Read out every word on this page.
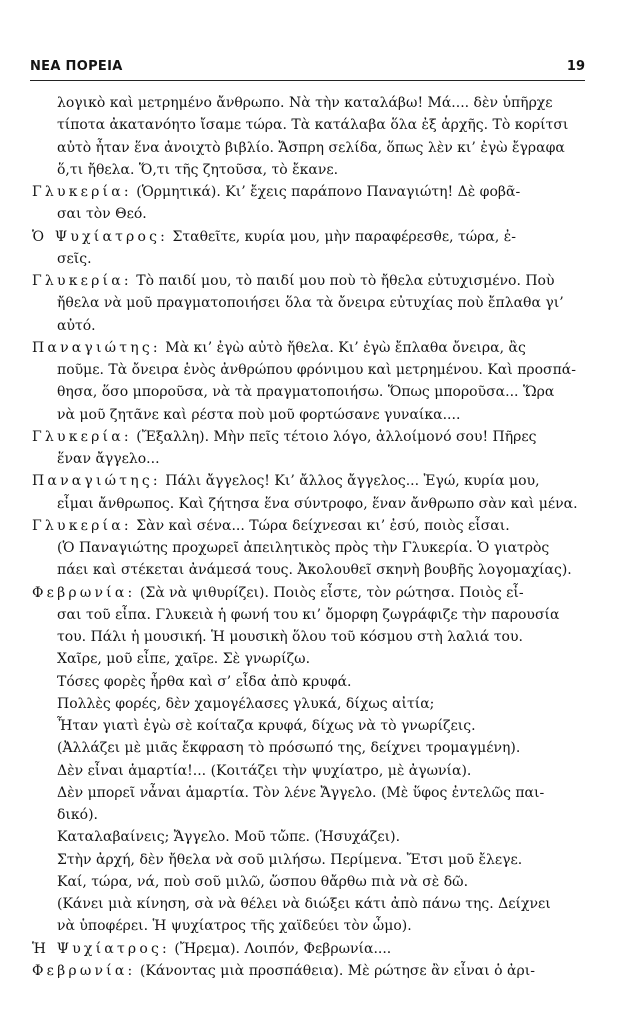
ΝΕΑ ΠΟΡΕΙΑ	19
λογικὸ καὶ μετρημένο ἄνθρωπο. Νὰ τὴν καταλάβω! Μά.... δὲν ὑπῆρχε
τίποτα ἀκατανόητο ἴσαμε τώρα. Τὰ κατάλαβα ὅλα ἐξ ἀρχῆς. Τὸ κορίτσι
αὐτὸ ἦταν ἕνα ἀνοιχτὸ βιβλίο. Ἄσπρη σελίδα, ὅπως λὲν κι’ ἐγὼ ἔγραφα
ὅ,τι ἤθελα. Ὅ,τι τῆς ζητοῦσα, τὸ ἔκανε.
Γλυκερία: (Ὁρμητικά). Κι’ ἔχεις παράπονο Παναγιώτη! Δὲ φοβᾶ-
σαι τὸν Θεό.
Ὁ Ψυχίατρος: Σταθεῖτε, κυρία μου, μὴν παραφέρεσθε, τώρα, ἐ-
σεῖς.
Γλυκερία: Τὸ παιδί μου, τὸ παιδί μου ποὺ τὸ ἤθελα εὐτυχισμένο. Ποὺ
ἤθελα νὰ μοῦ πραγματοποιήσει ὅλα τὰ ὄνειρα εὐτυχίας ποὺ ἔπλαθα γι’
αὐτό.
Παναγιώτης: Μὰ κι’ ἐγὼ αὐτὸ ἤθελα. Κι’ ἐγὼ ἔπλαθα ὄνειρα, ἂς
ποῦμε. Τὰ ὄνειρα ἑνὸς ἀνθρώπου φρόνιμου καὶ μετρημένου. Καὶ προσπά-
θησα, ὅσο μποροῦσα, νὰ τὰ πραγματοποιήσω. Ὅπως μποροῦσα... Ὥρα
νὰ μοῦ ζητᾶνε καὶ ρέστα ποὺ μοῦ φορτώσανε γυναίκα....
Γλυκερία: (Ἔξαλλη). Μὴν πεῖς τέτοιο λόγο, ἀλλοίμονό σου! Πῆρες
ἕναν ἄγγελο...
Παναγιώτης: Πάλι ἄγγελος! Κι’ ἄλλος ἄγγελος... Ἐγώ, κυρία μου,
εἶμαι ἄνθρωπος. Καὶ ζήτησα ἕνα σύντροφο, ἕναν ἄνθρωπο σὰν καὶ μένα.
Γλυκερία: Σὰν καὶ σένα... Τώρα δείχνεσαι κι’ ἐσύ, ποιὸς εἶσαι.
(Ὁ Παναγιώτης προχωρεῖ ἀπειλητικὸς πρὸς τὴν Γλυκερία. Ὁ γιατρὸς
πάει καὶ στέκεται ἀνάμεσά τους. Ἀκολουθεῖ σκηνὴ βουβῆς λογομαχίας).
Φεβρωνία: (Σὰ νὰ ψιθυρίζει). Ποιὸς εἶστε, τὸν ρώτησα. Ποιὸς εἶ-
σαι τοῦ εἶπα. Γλυκειὰ ἡ φωνή του κι’ ὄμορφη ζωγράφιζε τὴν παρουσία
του. Πάλι ἡ μουσική. Ἡ μουσικὴ ὅλου τοῦ κόσμου στὴ λαλιά του.
Χαῖρε, μοῦ εἶπε, χαῖρε. Σὲ γνωρίζω.
Τόσες φορὲς ἦρθα καὶ σ’ εἶδα ἀπὸ κρυφά.
Πολλὲς φορές, δὲν χαμογέλασες γλυκά, δίχως αἰτία;
Ἦταν γιατὶ ἐγὼ σὲ κοίταζα κρυφά, δίχως νὰ τὸ γνωρίζεις.
(Ἀλλάζει μὲ μιᾶς ἔκφραση τὸ πρόσωπό της, δείχνει τρομαγμένη).
Δὲν εἶναι ἁμαρτία!... (Κοιτάζει τὴν ψυχίατρο, μὲ ἀγωνία).
Δὲν μπορεῖ νἆναι ἁμαρτία. Τὸν λένε Ἄγγελο. (Μὲ ὕφος ἐντελῶς παι-
δικό).
Καταλαβαίνεις; Ἄγγελο. Μοῦ τὤπε. (Ἡσυχάζει).
Στὴν ἀρχή, δὲν ἤθελα νὰ σοῦ μιλήσω. Περίμενα. Ἔτσι μοῦ ἔλεγε.
Καί, τώρα, νά, ποὺ σοῦ μιλῶ, ὥσπου θἄρθω πιὰ νὰ σὲ δῶ.
(Κάνει μιὰ κίνηση, σὰ νὰ θέλει νὰ διώξει κάτι ἀπὸ πάνω της. Δείχνει
νὰ ὑποφέρει. Ἡ ψυχίατρος τῆς χαϊδεύει τὸν ὦμο).
Ἡ Ψυχίατρος: (Ἤρεμα). Λοιπόν, Φεβρωνία....
Φεβρωνία: (Κάνοντας μιὰ προσπάθεια). Μὲ ρώτησε ἂν εἶναι ὁ ἀρι-
